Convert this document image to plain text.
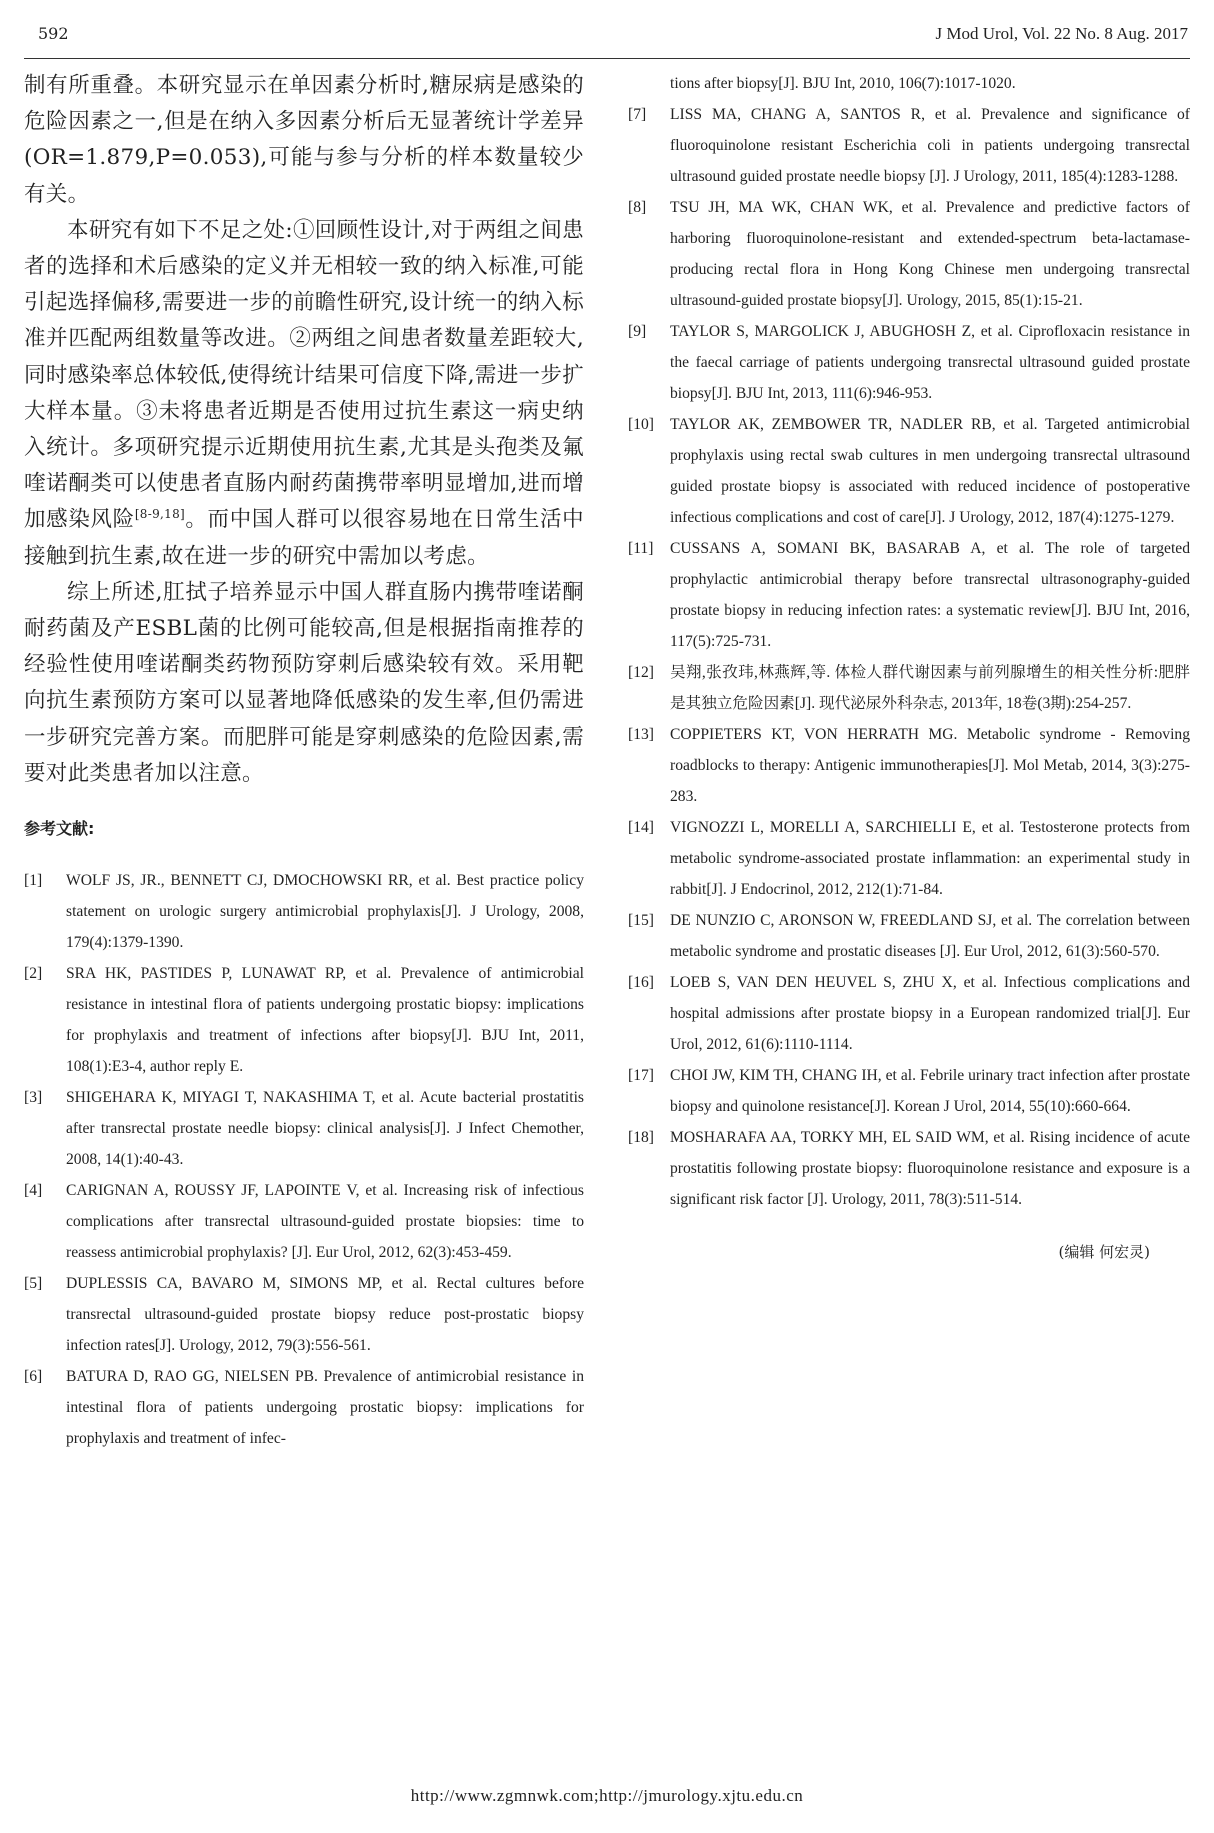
592	J Mod Urol, Vol. 22 No. 8 Aug. 2017

制有所重叠。本研究显示在单因素分析时,糖尿病是感染的危险因素之一,但是在纳入多因素分析后无显著统计学差异(OR=1.879,P=0.053),可能与参与分析的样本数量较少有关。

本研究有如下不足之处:①回顾性设计,对于两组之间患者的选择和术后感染的定义并无相较一致的纳入标准,可能引起选择偏移,需要进一步的前瞻性研究,设计统一的纳入标准并匹配两组数量等改进。②两组之间患者数量差距较大,同时感染率总体较低,使得统计结果可信度下降,需进一步扩大样本量。③未将患者近期是否使用过抗生素这一病史纳入统计。多项研究提示近期使用抗生素,尤其是头孢类及氟喹诺酮类可以使患者直肠内耐药菌携带率明显增加,进而增加感染风险[8-9,18]。而中国人群可以很容易地在日常生活中接触到抗生素,故在进一步的研究中需加以考虑。

综上所述,肛拭子培养显示中国人群直肠内携带喹诺酮耐药菌及产ESBL菌的比例可能较高,但是根据指南推荐的经验性使用喹诺酮类药物预防穿刺后感染较有效。采用靶向抗生素预防方案可以显著地降低感染的发生率,但仍需进一步研究完善方案。而肥胖可能是穿刺感染的危险因素,需要对此类患者加以注意。

参考文献:

[1] WOLF JS, JR., BENNETT CJ, DMOCHOWSKI RR, et al. Best practice policy statement on urologic surgery antimicrobial prophylaxis[J]. J Urology, 2008, 179(4):1379-1390.

[2] SRA HK, PASTIDES P, LUNAWAT RP, et al. Prevalence of antimicrobial resistance in intestinal flora of patients undergoing prostatic biopsy: implications for prophylaxis and treatment of infections after biopsy[J]. BJU Int, 2011, 108(1):E3-4, author reply E.

[3] SHIGEHARA K, MIYAGI T, NAKASHIMA T, et al. Acute bacterial prostatitis after transrectal prostate needle biopsy: clinical analysis[J]. J Infect Chemother, 2008, 14(1):40-43.

[4] CARIGNAN A, ROUSSY JF, LAPOINTE V, et al. Increasing risk of infectious complications after transrectal ultrasound-guided prostate biopsies: time to reassess antimicrobial prophylaxis? [J]. Eur Urol, 2012, 62(3):453-459.

[5] DUPLESSIS CA, BAVARO M, SIMONS MP, et al. Rectal cultures before transrectal ultrasound-guided prostate biopsy reduce post-prostatic biopsy infection rates[J]. Urology, 2012, 79(3):556-561.

[6] BATURA D, RAO GG, NIELSEN PB. Prevalence of antimicrobial resistance in intestinal flora of patients undergoing prostatic biopsy: implications for prophylaxis and treatment of infec-

tions after biopsy[J]. BJU Int, 2010, 106(7):1017-1020.

[7] LISS MA, CHANG A, SANTOS R, et al. Prevalence and significance of fluoroquinolone resistant Escherichia coli in patients undergoing transrectal ultrasound guided prostate needle biopsy [J]. J Urology, 2011, 185(4):1283-1288.

[8] TSU JH, MA WK, CHAN WK, et al. Prevalence and predictive factors of harboring fluoroquinolone-resistant and extended-spectrum beta-lactamase-producing rectal flora in Hong Kong Chinese men undergoing transrectal ultrasound-guided prostate biopsy[J]. Urology, 2015, 85(1):15-21.

[9] TAYLOR S, MARGOLICK J, ABUGHOSH Z, et al. Ciprofloxacin resistance in the faecal carriage of patients undergoing transrectal ultrasound guided prostate biopsy[J]. BJU Int, 2013, 111(6):946-953.

[10] TAYLOR AK, ZEMBOWER TR, NADLER RB, et al. Targeted antimicrobial prophylaxis using rectal swab cultures in men undergoing transrectal ultrasound guided prostate biopsy is associated with reduced incidence of postoperative infectious complications and cost of care[J]. J Urology, 2012, 187(4):1275-1279.

[11] CUSSANS A, SOMANI BK, BASARAB A, et al. The role of targeted prophylactic antimicrobial therapy before transrectal ultrasonography-guided prostate biopsy in reducing infection rates: a systematic review[J]. BJU Int, 2016, 117(5):725-731.

[12] 吴翔,张孜玮,林燕辉,等. 体检人群代谢因素与前列腺增生的相关性分析:肥胖是其独立危险因素[J]. 现代泌尿外科杂志, 2013年, 18卷(3期):254-257.

[13] COPPIETERS KT, VON HERRATH MG. Metabolic syndrome - Removing roadblocks to therapy: Antigenic immunotherapies[J]. Mol Metab, 2014, 3(3):275-283.

[14] VIGNOZZI L, MORELLI A, SARCHIELLI E, et al. Testosterone protects from metabolic syndrome-associated prostate inflammation: an experimental study in rabbit[J]. J Endocrinol, 2012, 212(1):71-84.

[15] DE NUNZIO C, ARONSON W, FREEDLAND SJ, et al. The correlation between metabolic syndrome and prostatic diseases [J]. Eur Urol, 2012, 61(3):560-570.

[16] LOEB S, VAN DEN HEUVEL S, ZHU X, et al. Infectious complications and hospital admissions after prostate biopsy in a European randomized trial[J]. Eur Urol, 2012, 61(6):1110-1114.

[17] CHOI JW, KIM TH, CHANG IH, et al. Febrile urinary tract infection after prostate biopsy and quinolone resistance[J]. Korean J Urol, 2014, 55(10):660-664.

[18] MOSHARAFA AA, TORKY MH, EL SAID WM, et al. Rising incidence of acute prostatitis following prostate biopsy: fluoroquinolone resistance and exposure is a significant risk factor [J]. Urology, 2011, 78(3):511-514.

(编辑 何宏灵)
http://www.zgmnwk.com;http://jmurology.xjtu.edu.cn
